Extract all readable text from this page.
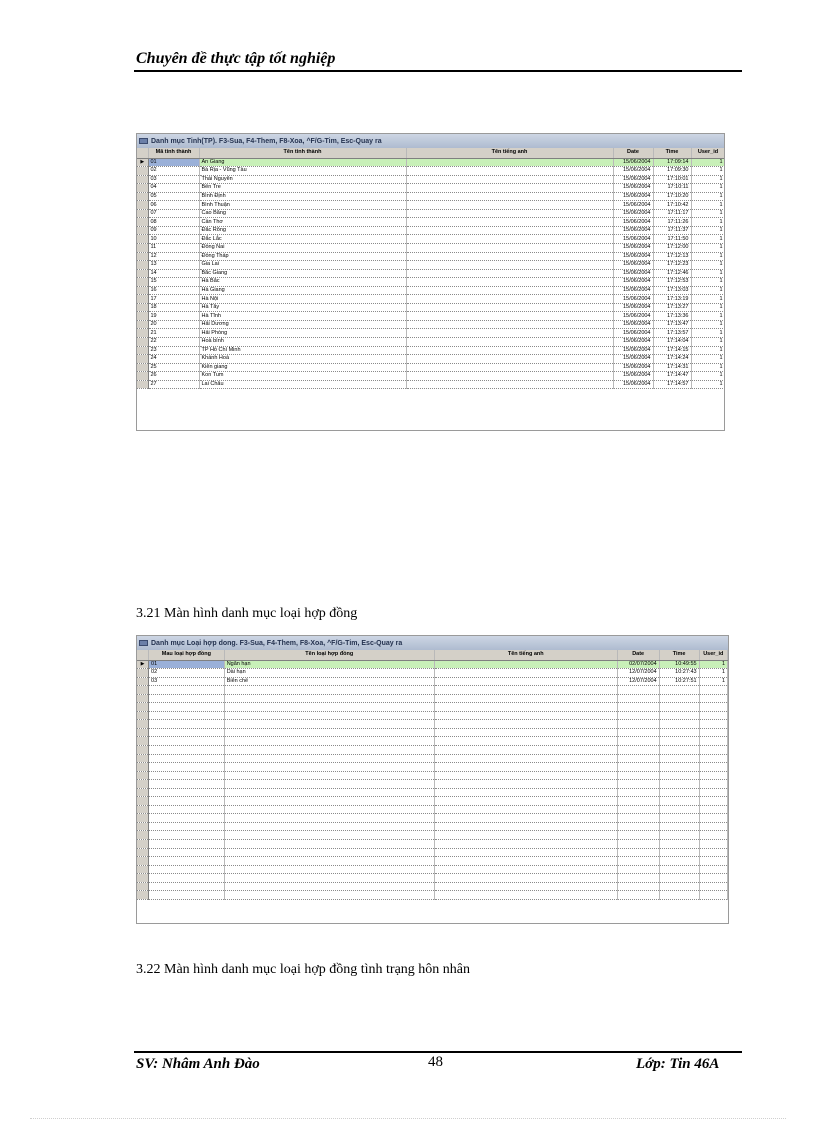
Chuyên đề thực tập tốt nghiệp
Danh mục Tinh(TP). F3-Sua, F4-Them, F8-Xoa, ^F/G-Tim, Esc-Quay ra
	Mã tỉnh thành	Tên tỉnh thành	Tên tiếng anh	Date	Time	User_id
▶	01	An Giang		15/06/2004	17:09:14	1
	02	Bà Rịa - Vũng Tàu		15/06/2004	17:09:30	1
	03	Thái Nguyên		15/06/2004	17:10:01	1
	04	Bến Tre		15/06/2004	17:10:11	1
	05	Bình Định		15/06/2004	17:10:20	1
	06	Bình Thuận		15/06/2004	17:10:42	1
	07	Cao Bằng		15/06/2004	17:11:17	1
	08	Cần Thơ		15/06/2004	17:11:26	1
	09	Đắc Rông		15/06/2004	17:11:37	1
	10	Đắc Lắc		15/06/2004	17:11:50	1
	11	Đồng Nai		15/06/2004	17:12:00	1
	12	Đồng Tháp		15/06/2004	17:12:13	1
	13	Gia Lai		15/06/2004	17:12:23	1
	14	Bắc Giang		15/06/2004	17:12:46	1
	15	Hà Bắc		15/06/2004	17:12:53	1
	16	Hà Giang		15/06/2004	17:13:03	1
	17	Hà Nội		15/06/2004	17:13:19	1
	18	Hà Tây		15/06/2004	17:13:27	1
	19	Hà Tĩnh		15/06/2004	17:13:36	1
	20	Hải Dương		15/06/2004	17:13:47	1
	21	Hải Phòng		15/06/2004	17:13:57	1
	22	Hoà bình		15/06/2004	17:14:04	1
	23	TP Hồ Chí Minh		15/06/2004	17:14:15	1
	24	Khánh Hoà		15/06/2004	17:14:24	1
	25	Kiên giang		15/06/2004	17:14:31	1
	26	Kon Tum		15/06/2004	17:14:47	1
	27	Lai Châu		15/06/2004	17:14:57	1
3.21 Màn hình danh mục loại hợp đồng
Danh mục Loại hợp dong. F3-Sua, F4-Them, F8-Xoa, ^F/G-Tim, Esc-Quay ra
	Mau loại hợp đồng	Tên loại hợp đồng	Tên tiếng anh	Date	Time	User_id
▶	01	Ngắn hạn		02/07/2004	10:49:55	1
	02	Dài hạn		12/07/2004	10:27:43	1
	03	Biên chế		12/07/2004	10:27:51	1

3.22 Màn hình danh mục loại hợp đồng tình trạng hôn nhân
SV: Nhâm Anh Đào	48	Lớp: Tin 46A
